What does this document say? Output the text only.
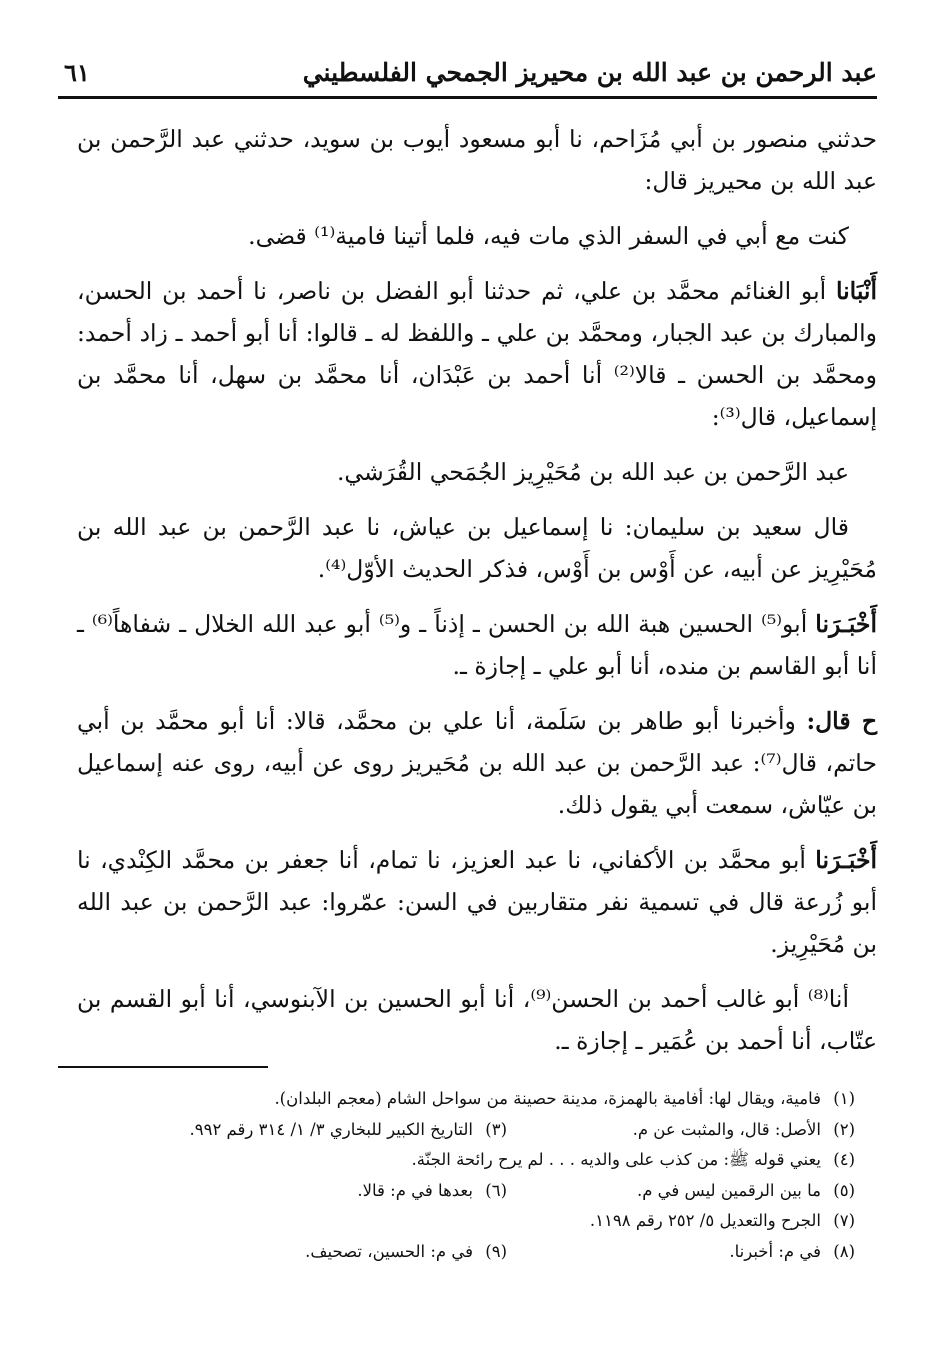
عبد الرحمن بن عبد الله بن محيريز الجمحي الفلسطيني
٦١

حدثني منصور بن أبي مُزَاحم، نا أبو مسعود أيوب بن سويد، حدثني عبد الرَّحمن بن عبد الله بن محيريز قال:

كنت مع أبي في السفر الذي مات فيه، فلما أتينا فامية⁽¹⁾ قضى.

أَنْبَانا أبو الغنائم محمَّد بن علي، ثم حدثنا أبو الفضل بن ناصر، نا أحمد بن الحسن، والمبارك بن عبد الجبار، ومحمَّد بن علي ـ واللفظ له ـ قالوا: أنا أبو أحمد ـ زاد أحمد: ومحمَّد بن الحسن ـ قالا⁽²⁾ أنا أحمد بن عَبْدَان، أنا محمَّد بن سهل، أنا محمَّد بن إسماعيل، قال⁽³⁾:

عبد الرَّحمن بن عبد الله بن مُحَيْرِيز الجُمَحي القُرَشي.

قال سعيد بن سليمان: نا إسماعيل بن عياش، نا عبد الرَّحمن بن عبد الله بن مُحَيْرِيز عن أبيه، عن أَوْس بن أَوْس، فذكر الحديث الأوّل⁽⁴⁾.

أَخْبَـرَنا أبو⁽⁵⁾ الحسين هبة الله بن الحسن ـ إذناً ـ و⁽⁵⁾ أبو عبد الله الخلال ـ شفاهاً⁽⁶⁾ ـ أنا أبو القاسم بن منده، أنا أبو علي ـ إجازة ـ.

ح قال: وأخبرنا أبو طاهر بن سَلَمة، أنا علي بن محمَّد، قالا: أنا أبو محمَّد بن أبي حاتم، قال⁽⁷⁾: عبد الرَّحمن بن عبد الله بن مُحَيريز روى عن أبيه، روى عنه إسماعيل بن عيّاش، سمعت أبي يقول ذلك.

أَخْبَـرَنا أبو محمَّد بن الأكفاني، نا عبد العزيز، نا تمام، أنا جعفر بن محمَّد الكِنْدي، نا أبو زُرعة قال في تسمية نفر متقاربين في السن: عمّروا: عبد الرَّحمن بن عبد الله بن مُحَيْرِيز.

أنا⁽⁸⁾ أبو غالب أحمد بن الحسن⁽⁹⁾، أنا أبو الحسين بن الآبنوسي، أنا أبو القسم بن عتّاب، أنا أحمد بن عُمَير ـ إجازة ـ.

(١)فامية، ويقال لها: أفامية بالهمزة، مدينة حصينة من سواحل الشام (معجم البلدان).
(٢)الأصل: قال، والمثبت عن م.
(٣)التاريخ الكبير للبخاري ٣/ ١/ ٣١٤ رقم ٩٩٢.
(٤)يعني قوله ﷺ: من كذب على والديه . . . لم يرح رائحة الجنّة.
(٥)ما بين الرقمين ليس في م.
(٦)بعدها في م: قالا.
(٧)الجرح والتعديل ٥/ ٢٥٢ رقم ١١٩٨.
(٨)في م: أخبرنا.
(٩)في م: الحسين، تصحيف.
